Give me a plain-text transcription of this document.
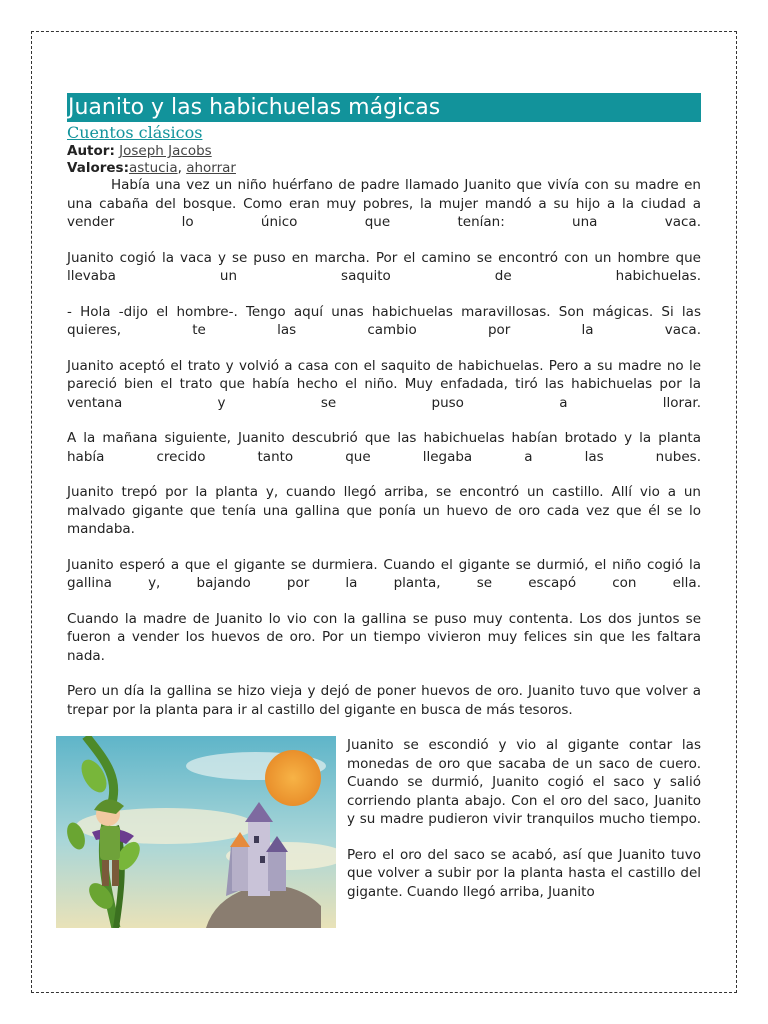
Juanito y las habichuelas mágicas
Cuentos clásicos
Autor: Joseph Jacobs
Valores:astucia, ahorrar

Había una vez un niño huérfano de padre llamado Juanito que vivía con su madre en una cabaña del bosque. Como eran muy pobres, la mujer mandó a su hijo a la ciudad a vender lo único que tenían: una vaca.

Juanito cogió la vaca y se puso en marcha. Por el camino se encontró con un hombre que llevaba un saquito de habichuelas.

- Hola -dijo el hombre-. Tengo aquí unas habichuelas maravillosas. Son mágicas. Si las quieres, te las cambio por la vaca.

Juanito aceptó el trato y volvió a casa con el saquito de habichuelas. Pero a su madre no le pareció bien el trato que había hecho el niño. Muy enfadada, tiró las habichuelas por la ventana y se puso a llorar.

A la mañana siguiente, Juanito descubrió que las habichuelas habían brotado y la planta había crecido tanto que llegaba a las nubes.

Juanito trepó por la planta y, cuando llegó arriba, se encontró un castillo. Allí vio a un malvado gigante que tenía una gallina que ponía un huevo de oro cada vez que él se lo mandaba.

Juanito esperó a que el gigante se durmiera. Cuando el gigante se durmió, el niño cogió la gallina y, bajando por la planta, se escapó con ella.

Cuando la madre de Juanito lo vio con la gallina se puso muy contenta. Los dos juntos se fueron a vender los huevos de oro. Por un tiempo vivieron muy felices sin que les faltara nada.

Pero un día la gallina se hizo vieja y dejó de poner huevos de oro. Juanito tuvo que volver a trepar por la planta para ir al castillo del gigante en busca de más tesoros.

Juanito se escondió y vio al gigante contar las monedas de oro que sacaba de un saco de cuero. Cuando se durmió, Juanito cogió el saco y salió corriendo planta abajo. Con el oro del saco, Juanito y su madre pudieron vivir tranquilos mucho tiempo.

Pero el oro del saco se acabó, así que Juanito tuvo que volver a subir por la planta hasta el castillo del gigante. Cuando llegó arriba, Juanito
